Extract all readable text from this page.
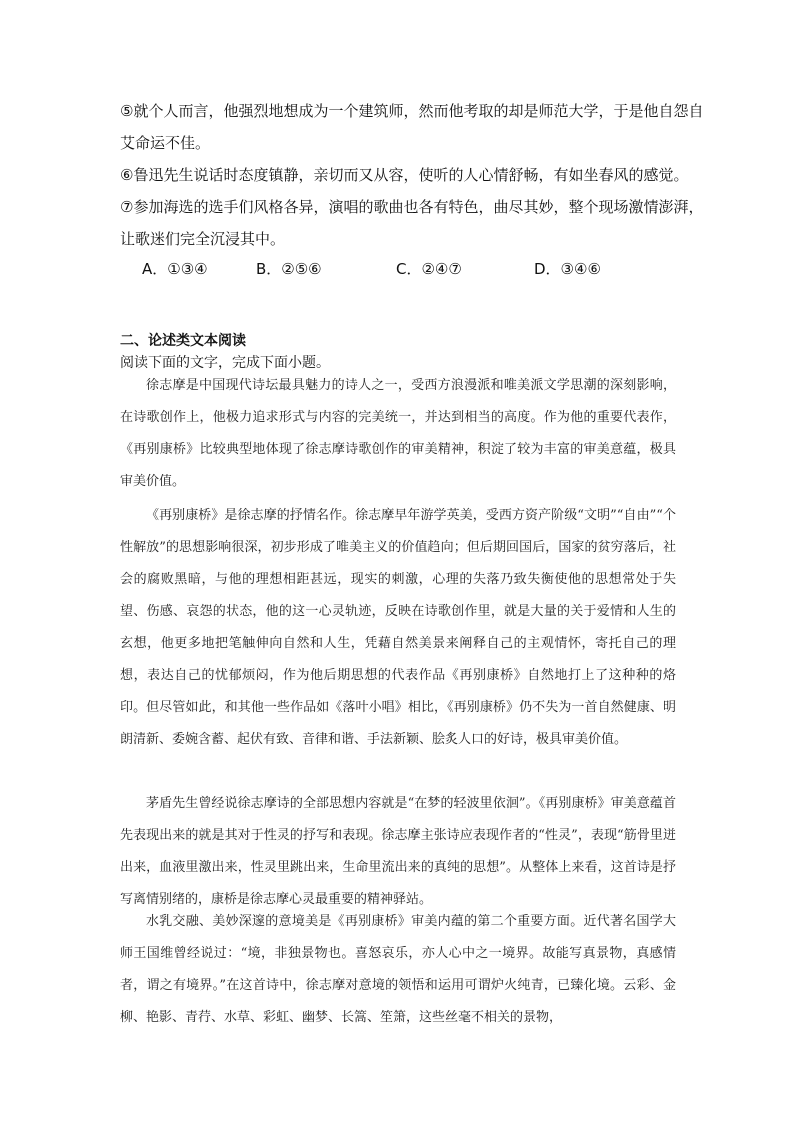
⑤就个人而言，他强烈地想成为一个建筑师，然而他考取的却是师范大学，于是他自怨自
艾命运不佳。
⑥鲁迅先生说话时态度镇静，亲切而又从容，使听的人心情舒畅，有如坐春风的感觉。
⑦参加海选的选手们风格各异，演唱的歌曲也各有特色，曲尽其妙，整个现场激情澎湃，
让歌迷们完全沉浸其中。
A．①③④	B．②⑤⑥	C．②④⑦	D．③④⑥
二、论述类文本阅读
阅读下面的文字，完成下面小题。
徐志摩是中国现代诗坛最具魅力的诗人之一，受西方浪漫派和唯美派文学思潮的深刻影响，在诗歌创作上，他极力追求形式与内容的完美统一，并达到相当的高度。作为他的重要代表作，《再别康桥》比较典型地体现了徐志摩诗歌创作的审美精神，积淀了较为丰富的审美意蕴，极具审美价值。
《再别康桥》是徐志摩的抒情名作。徐志摩早年游学英美，受西方资产阶级“文明”“自由”“个性解放”的思想影响很深，初步形成了唯美主义的价值趋向；但后期回国后，国家的贫穷落后，社会的腐败黑暗，与他的理想相距甚远，现实的刺激，心理的失落乃致失衡使他的思想常处于失望、伤感、哀怨的状态，他的这一心灵轨迹，反映在诗歌创作里，就是大量的关于爱情和人生的玄想，他更多地把笔触伸向自然和人生，凭藉自然美景来阐释自己的主观情怀，寄托自己的理想，表达自己的忧郁烦闷，作为他后期思想的代表作品《再别康桥》自然地打上了这种种的烙印。但尽管如此，和其他一些作品如《落叶小唱》相比，《再别康桥》仍不失为一首自然健康、明朗清新、委婉含蓄、起伏有致、音律和谐、手法新颖、脍炙人口的好诗，极具审美价值。
茅盾先生曾经说徐志摩诗的全部思想内容就是“在梦的轻波里依洄”。《再别康桥》审美意蕴首先表现出来的就是其对于性灵的抒写和表现。徐志摩主张诗应表现作者的“性灵”，表现“筋骨里迸出来，血液里激出来，性灵里跳出来，生命里流出来的真纯的思想”。从整体上来看，这首诗是抒写离情别绪的，康桥是徐志摩心灵最重要的精神驿站。
水乳交融、美妙深邃的意境美是《再别康桥》审美内蕴的第二个重要方面。近代著名国学大师王国维曾经说过：“境，非独景物也。喜怒哀乐，亦人心中之一境界。故能写真景物，真感情者，谓之有境界。”在这首诗中，徐志摩对意境的领悟和运用可谓炉火纯青，已臻化境。云彩、金柳、艳影、青荇、水草、彩虹、幽梦、长篙、笙箫，这些丝毫不相关的景物，
